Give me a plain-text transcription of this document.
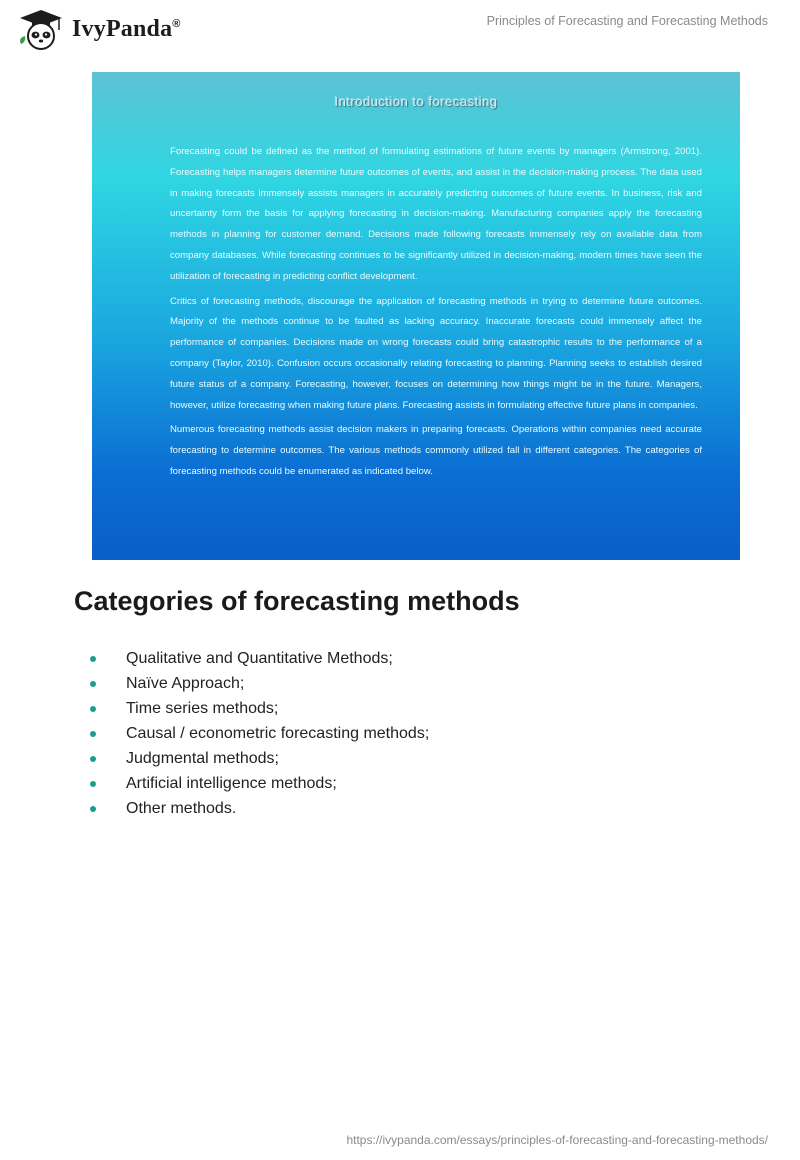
IvyPanda®	Principles of Forecasting and Forecasting Methods
Introduction to forecasting

Forecasting could be defined as the method of formulating estimations of future events by managers (Armstrong, 2001). Forecasting helps managers determine future outcomes of events, and assist in the decision-making process. The data used in making forecasts immensely assists managers in accurately predicting outcomes of future events. In business, risk and uncertainty form the basis for applying forecasting in decision-making. Manufacturing companies apply the forecasting methods in planning for customer demand. Decisions made following forecasts immensely rely on available data from company databases. While forecasting continues to be significantly utilized in decision-making, modern times have seen the utilization of forecasting in predicting conflict development.

Critics of forecasting methods, discourage the application of forecasting methods in trying to determine future outcomes. Majority of the methods continue to be faulted as lacking accuracy. Inaccurate forecasts could immensely affect the performance of companies. Decisions made on wrong forecasts could bring catastrophic results to the performance of a company (Taylor, 2010). Confusion occurs occasionally relating forecasting to planning. Planning seeks to establish desired future status of a company. Forecasting, however, focuses on determining how things might be in the future. Managers, however, utilize forecasting when making future plans. Forecasting assists in formulating effective future plans in companies.

Numerous forecasting methods assist decision makers in preparing forecasts. Operations within companies need accurate forecasting to determine outcomes. The various methods commonly utilized fall in different categories. The categories of forecasting methods could be enumerated as indicated below.

Categories of forecasting methods
Qualitative and Quantitative Methods;
Naïve Approach;
Time series methods;
Causal / econometric forecasting methods;
Judgmental methods;
Artificial intelligence methods;
Other methods.
https://ivypanda.com/essays/principles-of-forecasting-and-forecasting-methods/
